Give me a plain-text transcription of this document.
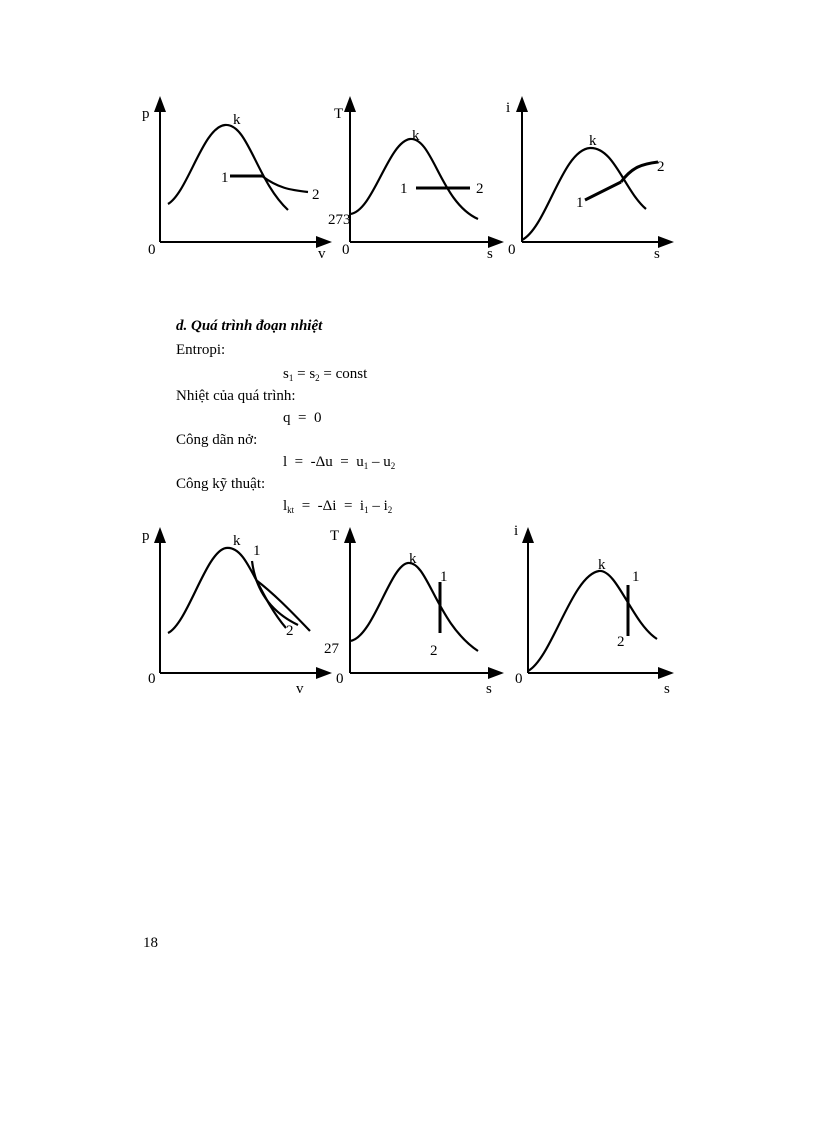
p
0	v
k
1
2
T
273
0	s
k
1	2
i
0	s
k
1
2
d. Quá trình đoạn nhiệt
Entropi:
$s_1 = s_2$ = const
Nhiệt của quá trình:
q  =  0
Công dãn nở:
$l = -\Delta u = u_1 - u_2$
Công kỹ thuật:
$l_{kt} = -\Delta i = i_1 - i_2$
p
0
v
k
1
2
T
27
0
s
k
1
2
i
0
s
k
1
2
18
